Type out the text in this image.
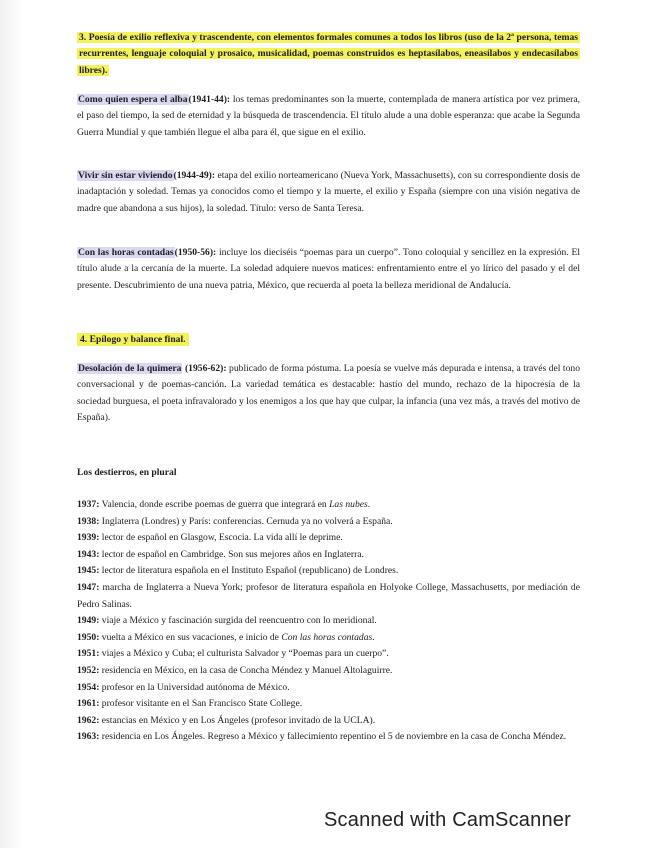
3. Poesía de exilio reflexiva y trascendente, con elementos formales comunes a todos los libros (uso de la 2ª persona, temas recurrentes, lenguaje coloquial y prosaico, musicalidad, poemas construidos es heptasílabos, eneasílabos y endecasílabos libres).
Como quien espera el alba(1941-44): los temas predominantes son la muerte, contemplada de manera artística por vez primera, el paso del tiempo, la sed de eternidad y la búsqueda de trascendencia. El título alude a una doble esperanza: que acabe la Segunda Guerra Mundial y que también llegue el alba para él, que sigue en el exilio.
Vivir sin estar viviendo(1944-49): etapa del exilio norteamericano (Nueva York, Massachusetts), con su correspondiente dosis de inadaptación y soledad. Temas ya conocidos como el tiempo y la muerte, el exilio y España (siempre con una visión negativa de madre que abandona a sus hijos), la soledad. Título: verso de Santa Teresa.
Con las horas contadas(1950-56): incluye los dieciséis “poemas para un cuerpo”. Tono coloquial y sencillez en la expresión. El título alude a la cercanía de la muerte. La soledad adquiere nuevos matices: enfrentamiento entre el yo lírico del pasado y el del presente. Descubrimiento de una nueva patria, México, que recuerda al poeta la belleza meridional de Andalucía.
4. Epílogo y balance final.
Desolación de la quimera (1956-62): publicado de forma póstuma. La poesía se vuelve más depurada e intensa, a través del tono conversacional y de poemas-canción. La variedad temática es destacable: hastío del mundo, rechazo de la hipocresía de la sociedad burguesa, el poeta infravalorado y los enemigos a los que hay que culpar, la infancia (una vez más, a través del motivo de España).
Los destierros, en plural
1937: Valencia, donde escribe poemas de guerra que integrará en Las nubes.
1938: Inglaterra (Londres) y París: conferencias. Cernuda ya no volverá a España.
1939: lector de español en Glasgow, Escocia. La vida allí le deprime.
1943: lector de español en Cambridge. Son sus mejores años en Inglaterra.
1945: lector de literatura española en el Instituto Español (republicano) de Londres.
1947: marcha de Inglaterra a Nueva York; profesor de literatura española en Holyoke College, Massachusetts, por mediación de Pedro Salinas.
1949: viaje a México y fascinación surgida del reencuentro con lo meridional.
1950: vuelta a México en sus vacaciones, e inicio de Con las horas contadas.
1951: viajes a México y Cuba; el culturista Salvador y “Poemas para un cuerpo”.
1952: residencia en México, en la casa de Concha Méndez y Manuel Altolaguirre.
1954: profesor en la Universidad autónoma de México.
1961: profesor visitante en el San Francisco State College.
1962: estancias en México y en Los Ángeles (profesor invitado de la UCLA).
1963: residencia en Los Ángeles. Regreso a México y fallecimiento repentino el 5 de noviembre en la casa de Concha Méndez.
Scanned with CamScanner
